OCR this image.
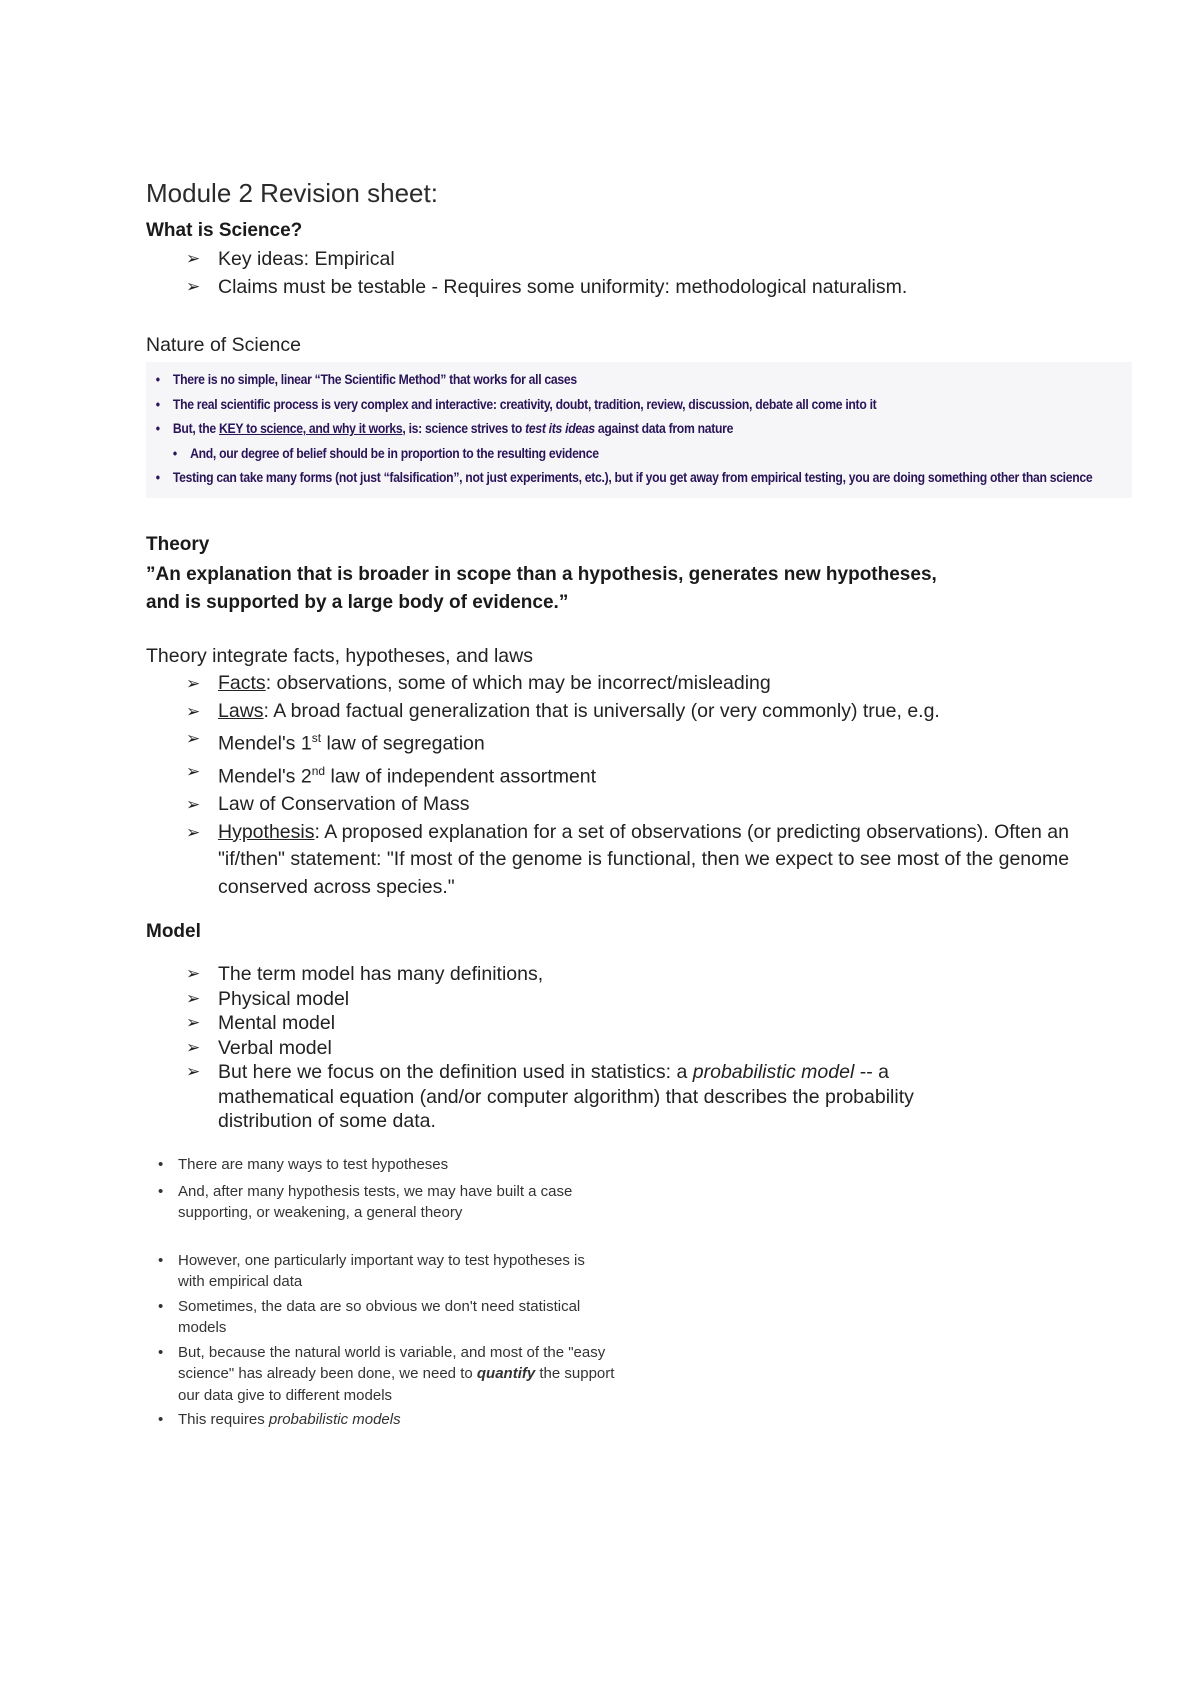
Module 2 Revision sheet:
What is Science?
➢ Key ideas: Empirical
➢ Claims must be testable - Requires some uniformity: methodological naturalism.

Nature of Science

• There is no simple, linear “The Scientific Method” that works for all cases
• The real scientific process is very complex and interactive: creativity, doubt, tradition, review, discussion, debate all come into it
• But, the KEY to science, and why it works, is: science strives to test its ideas against data from nature
• And, our degree of belief should be in proportion to the resulting evidence
• Testing can take many forms (not just “falsification”, not just experiments, etc.), but if you get away from empirical testing, you are doing something other than science
Theory
”An explanation that is broader in scope than a hypothesis, generates new hypotheses,
and is supported by a large body of evidence.”

Theory integrate facts, hypotheses, and laws

➢ Facts: observations, some of which may be incorrect/misleading
➢ Laws: A broad factual generalization that is universally (or very commonly) true, e.g.
➢ Mendel's 1st law of segregation
➢ Mendel's 2nd law of independent assortment
➢ Law of Conservation of Mass
➢ Hypothesis: A proposed explanation for a set of observations (or predicting observations). Often an "if/then" statement: "If most of the genome is functional, then we expect to see most of the genome conserved across species."
Model
➢ The term model has many definitions,
➢ Physical model
➢ Mental model
➢ Verbal model
➢ But here we focus on the definition used in statistics: a probabilistic model -- a mathematical equation (and/or computer algorithm) that describes the probability distribution of some data.
• There are many ways to test hypotheses
• And, after many hypothesis tests, we may have built a case supporting, or weakening, a general theory
• However, one particularly important way to test hypotheses is with empirical data
• Sometimes, the data are so obvious we don't need statistical models
• But, because the natural world is variable, and most of the "easy science" has already been done, we need to quantify the support our data give to different models
• This requires probabilistic models
